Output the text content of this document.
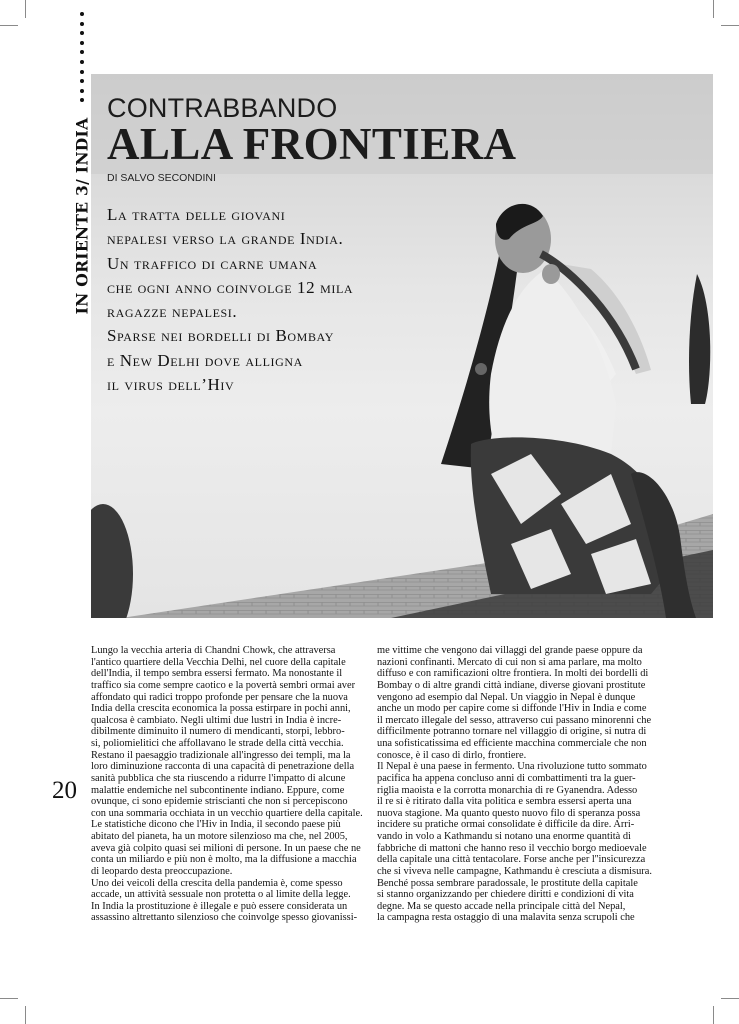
IN ORIENTE 3/ INDIA
CONTRABBANDO
ALLA FRONTIERA
DI SALVO SECONDINI
La tratta delle giovani
nepalesi verso la grande India.
Un traffico di carne umana
che ogni anno coinvolge 12 mila
ragazze nepalesi.
Sparse nei bordelli di Bombay
e New Delhi dove alligna
il virus dell’Hiv
20
Lungo la vecchia arteria di Chandni Chowk, che attraversa
l'antico quartiere della Vecchia Delhi, nel cuore della capitale
dell'India, il tempo sembra essersi fermato. Ma nonostante il
traffico sia come sempre caotico e la povertà sembri ormai aver
affondato qui radici troppo profonde per pensare che la nuova
India della crescita economica la possa estirpare in pochi anni,
qualcosa è cambiato. Negli ultimi due lustri in India è incre-
dibilmente diminuito il numero di mendicanti, storpi, lebbro-
si, poliomielitici che affollavano le strade della città vecchia.
Restano il paesaggio tradizionale all'ingresso dei templi, ma la
loro diminuzione racconta di una capacità di penetrazione della
sanità pubblica che sta riuscendo a ridurre l'impatto di alcune
malattie endemiche nel subcontinente indiano. Eppure, come
ovunque, ci sono epidemie striscianti che non si percepiscono
con una sommaria occhiata in un vecchio quartiere della capitale.
Le statistiche dicono che l'Hiv in India, il secondo paese più
abitato del pianeta, ha un motore silenzioso ma che, nel 2005,
aveva già colpito quasi sei milioni di persone. In un paese che ne
conta un miliardo e più non è molto, ma la diffusione a macchia
di leopardo desta preoccupazione.
Uno dei veicoli della crescita della pandemia è, come spesso
accade, un attività sessuale non protetta o al limite della legge.
In India la prostituzione è illegale e può essere considerata un
assassino altrettanto silenzioso che coinvolge spesso giovanissi-
me vittime che vengono dai villaggi del grande paese oppure da
nazioni confinanti. Mercato di cui non si ama parlare, ma molto
diffuso e con ramificazioni oltre frontiera. In molti dei bordelli di
Bombay o di altre grandi città indiane, diverse giovani prostitute
vengono ad esempio dal Nepal. Un viaggio in Nepal è dunque
anche un modo per capire come si diffonde l'Hiv in India e come
il mercato illegale del sesso, attraverso cui passano minorenni che
difficilmente potranno tornare nel villaggio di origine, si nutra di
una sofisticatissima ed efficiente macchina commerciale che non
conosce, è il caso di dirlo, frontiere.
Il Nepal è una paese in fermento. Una rivoluzione tutto sommato
pacifica ha appena concluso anni di combattimenti tra la guer-
riglia maoista e la corrotta monarchia di re Gyanendra. Adesso
il re si è ritirato dalla vita politica e sembra essersi aperta una
nuova stagione. Ma quanto questo nuovo filo di speranza possa
incidere su pratiche ormai consolidate è difficile da dire. Arri-
vando in volo a Kathmandu si notano una enorme quantità di
fabbriche di mattoni che hanno reso il vecchio borgo medioevale
della capitale una città tentacolare. Forse anche per l''insicurezza
che si viveva nelle campagne, Kathmandu è cresciuta a dismisura.
Benché possa sembrare paradossale, le prostitute della capitale
si stanno organizzando per chiedere diritti e condizioni di vita
degne. Ma se questo accade nella principale città del Nepal,
la campagna resta ostaggio di una malavita senza scrupoli che
